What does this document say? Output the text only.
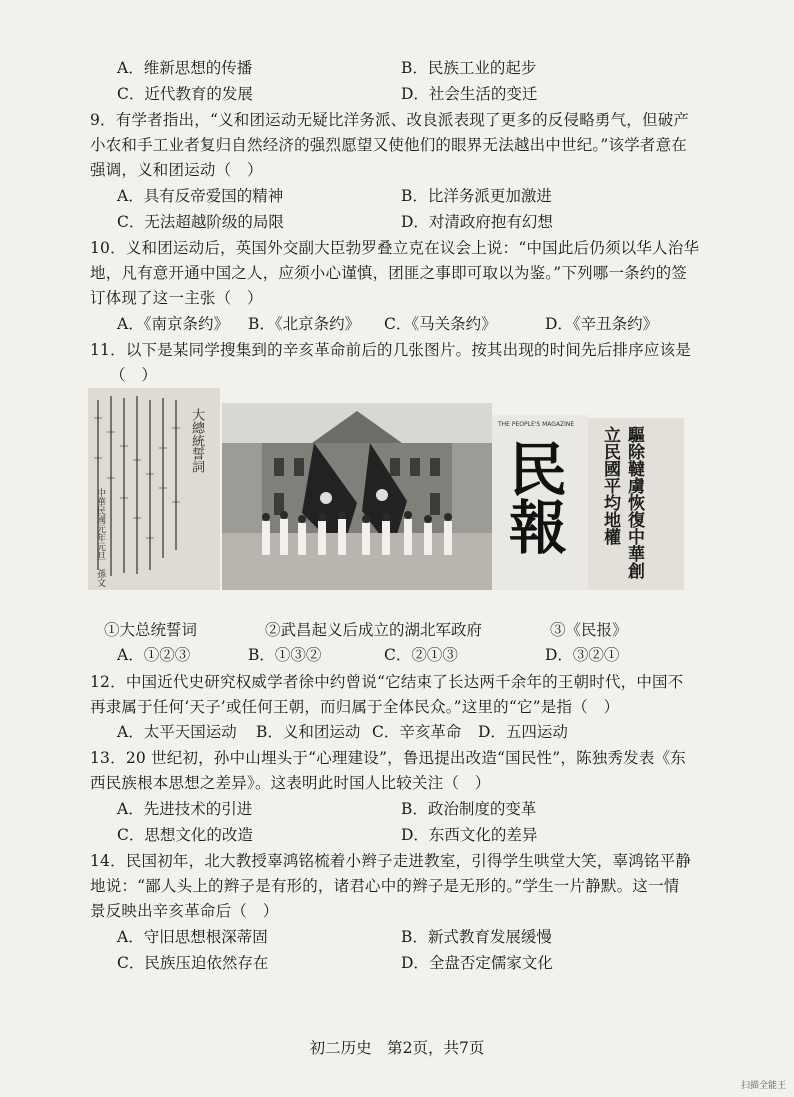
A．维新思想的传播	B．民族工业的起步
C．近代教育的发展	D．社会生活的变迁
9．有学者指出，“义和团运动无疑比洋务派、改良派表现了更多的反侵略勇气，但破产
小农和手工业者复归自然经济的强烈愿望又使他们的眼界无法越出中世纪。”该学者意在
强调，义和团运动（　）
A．具有反帝爱国的精神	B．比洋务派更加激进
C．无法超越阶级的局限	D．对清政府抱有幻想
10．义和团运动后，英国外交副大臣勃罗叠立克在议会上说：“中国此后仍须以华人治华
地，凡有意开通中国之人，应须小心谨慎，团匪之事即可取以为鉴。”下列哪一条约的签
订体现了这一主张（　）
A．《南京条约》 B．《北京条约》 C．《马关条约》	D．《辛丑条约》
11．以下是某同学搜集到的辛亥革命前后的几张图片。按其出现的时间先后排序应该是
（　）
大總統誓詞
中華民國元年元旦　孫文
THE PEOPLE'S MAGAZINE
民報	驅除韃虜恢復中華創立民國平均地權
①大总统誓词	②武昌起义后成立的湖北军政府	③《民报》
A．①②③	B．①③②	C．②①③	D．③②①
12．中国近代史研究权威学者徐中约曾说“它结束了长达两千余年的王朝时代，中国不
再隶属于任何‘天子’或任何王朝，而归属于全体民众。”这里的“它”是指（　）
A．太平天国运动 B．义和团运动 C．辛亥革命 D．五四运动
13．20 世纪初，孙中山埋头于“心理建设”，鲁迅提出改造“国民性”，陈独秀发表《东
西民族根本思想之差异》。这表明此时国人比较关注（　）
A．先进技术的引进	B．政治制度的变革
C．思想文化的改造	D．东西文化的差异
14．民国初年，北大教授辜鸿铭梳着小辫子走进教室，引得学生哄堂大笑，辜鸿铭平静
地说：“鄙人头上的辫子是有形的，诸君心中的辫子是无形的。”学生一片静默。这一情
景反映出辛亥革命后（　）
A．守旧思想根深蒂固	B．新式教育发展缓慢
C．民族压迫依然存在	D．全盘否定儒家文化
初二历史　第2页，共7页
扫描全能王
